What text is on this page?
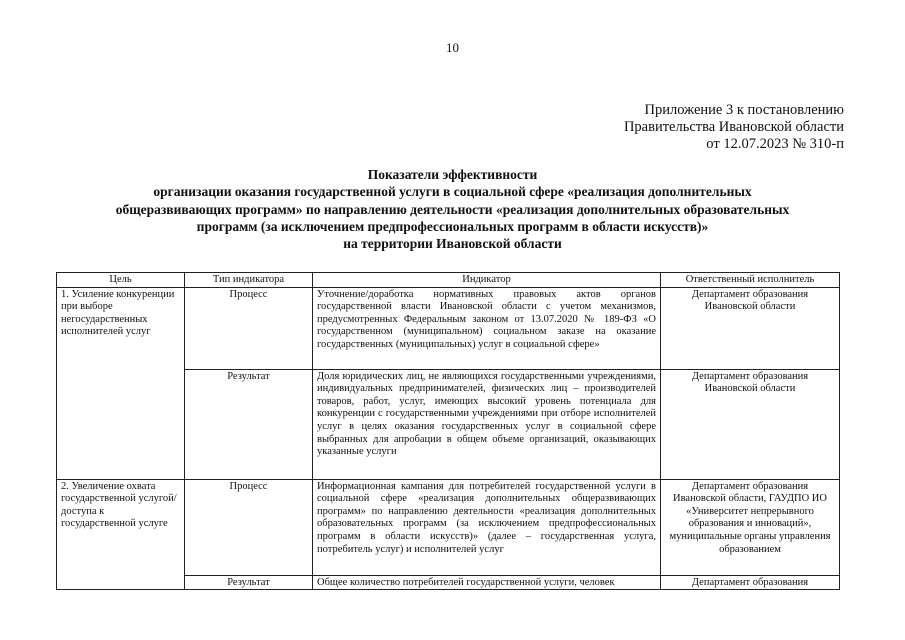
10
Приложение 3 к постановлению
Правительства Ивановской области
от 12.07.2023 № 310-п
Показатели эффективности
организации оказания государственной услуги в социальной сфере «реализация дополнительных
общеразвивающих программ» по направлению деятельности «реализация дополнительных образовательных
программ (за исключением предпрофессиональных программ в области искусств)»
на территории Ивановской области
Цель	Тип индикатора	Индикатор	Ответственный исполнитель
1. Усиление конкуренции при выборе негосударственных исполнителей услуг	Процесс	Уточнение/доработка нормативных правовых актов органов государственной власти Ивановской области с учетом механизмов, предусмотренных Федеральным законом от 13.07.2020 № 189-ФЗ «О государственном (муниципальном) социальном заказе на оказание государственных (муниципальных) услуг в социальной сфере»	Департамент образования Ивановской области
	Результат	Доля юридических лиц, не являющихся государственными учреждениями, индивидуальных предпринимателей, физических лиц – производителей товаров, работ, услуг, имеющих высокий уровень потенциала для конкуренции с государственными учреждениями при отборе исполнителей услуг в целях оказания государственных услуг в социальной сфере выбранных для апробации в общем объеме организаций, оказывающих указанные услуги	Департамент образования Ивановской области
2. Увеличение охвата государственной услугой/доступа к государственной услуге	Процесс	Информационная кампания для потребителей государственной услуги в социальной сфере «реализация дополнительных общеразвивающих программ» по направлению деятельности «реализация дополнительных образовательных программ (за исключением предпрофессиональных программ в области искусств)» (далее – государственная услуга, потребитель услуг) и исполнителей услуг	Департамент образования Ивановской области, ГАУДПО ИО «Университет непрерывного образования и инноваций», муниципальные органы управления образованием
	Результат	Общее количество потребителей государственной услуги, человек	Департамент образования
